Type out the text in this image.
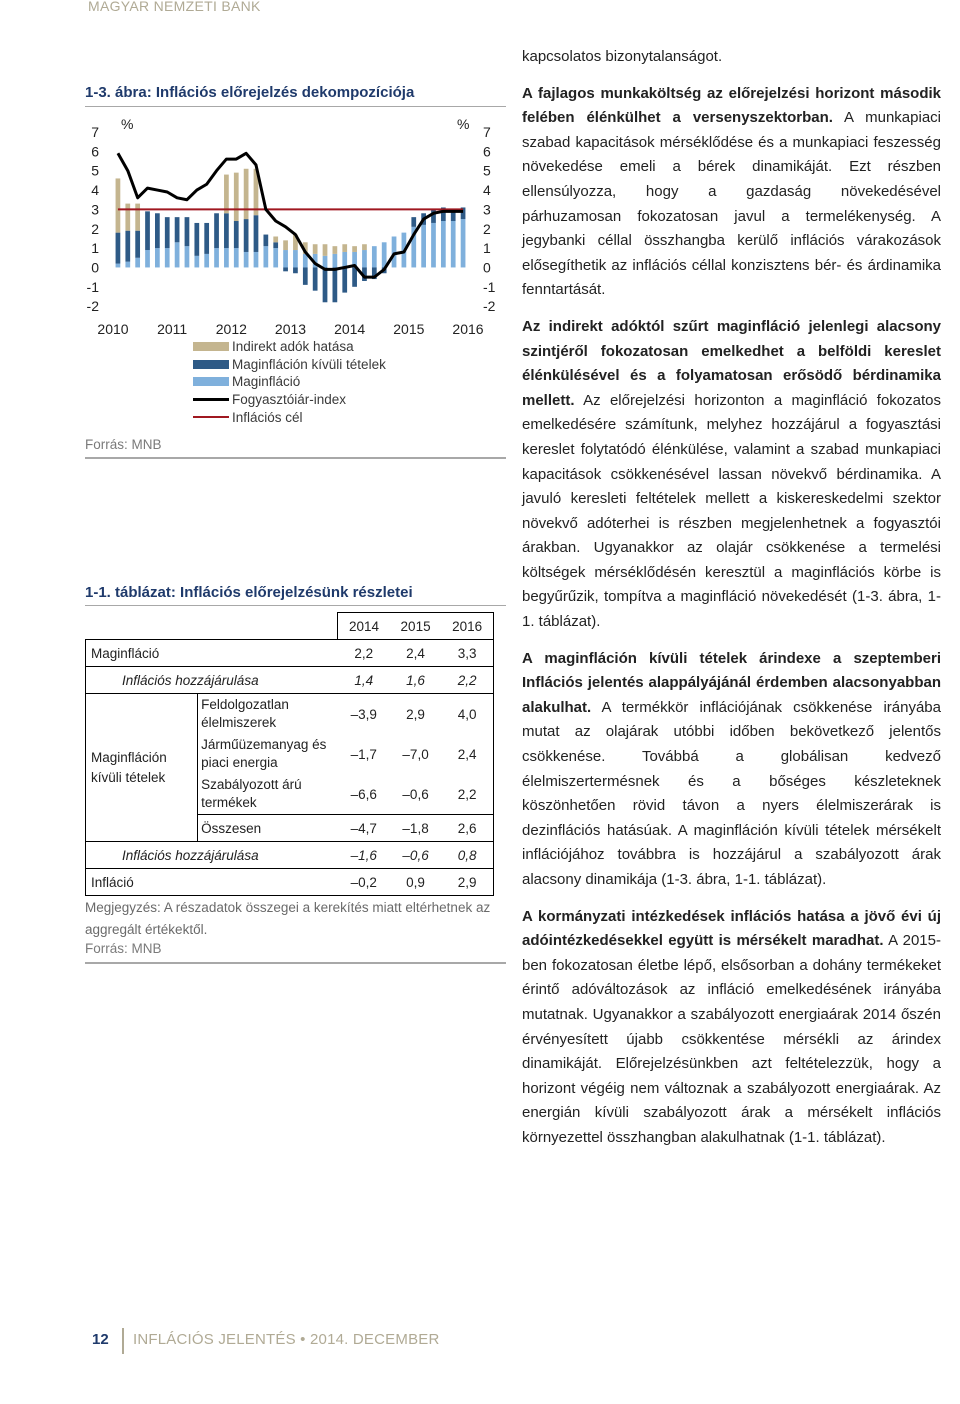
MAGYAR NEMZETI BANK
1-3. ábra: Inflációs előrejelzés dekompozíciója
7	7
6	6
5	5
4	4
3	3
2	2
1	1
0	0
-1	-1
-2	-2
%	%
2010 2011 2012 2013 2014 2015 2016
Indirekt adók hatása
Maginfláción kívüli tételek
Maginfláció
Fogyasztóiár-index
Inflációs cél
Forrás: MNB
1-1. táblázat: Inflációs előrejelzésünk részletei
		2014	2015	2016
Maginfláció		2,2	2,4	3,3
Inflációs hozzájárulása		1,4	1,6	2,2
Maginfláción kívüli tételek	Feldolgozatlan élelmiszerek	–3,9	2,9	4,0
	Járműüzemanyag és piaci energia	–1,7	–7,0	2,4
	Szabályozott árú termékek	–6,6	–0,6	2,2
	Összesen	–4,7	–1,8	2,6
Inflációs hozzájárulása		–1,6	–0,6	0,8
Infláció		–0,2	0,9	2,9
Megjegyzés: A részadatok összegei a kerekítés miatt eltérhetnek az aggregált értékektől.
Forrás: MNB

kapcsolatos bizonytalanságot.

A fajlagos munkaköltség az előrejelzési horizont második felében élénkülhet a versenyszektorban. A munkapiaci szabad kapacitások mérséklődése és a munkapiaci feszesség növekedése emeli a bérek dinamikáját. Ezt részben ellensúlyozza, hogy a gazdaság növekedésével párhuzamosan fokozatosan javul a termelékenység. A jegybanki céllal összhangba kerülő inflációs várakozások elősegíthetik az inflációs céllal konzisztens bér- és árdinamika fenntartását.

Az indirekt adóktól szűrt maginfláció jelenlegi alacsony szintjéről fokozatosan emelkedhet a belföldi kereslet élénkülésével és a folyamatosan erősödő bérdinamika mellett. Az előrejelzési horizonton a maginfláció fokozatos emelkedésére számítunk, melyhez hozzájárul a fogyasztási kereslet folytatódó élénkülése, valamint a szabad munkapiaci kapacitások csökkenésével lassan növekvő bérdinamika. A javuló keresleti feltételek mellett a kiskereskedelmi szektor növekvő adóterhei is részben megjelenhetnek a fogyasztói árakban. Ugyanakkor az olajár csökkenése a termelési költségek mérséklődésén keresztül a maginflációs körbe is begyűrűzik, tompítva a maginfláció növekedését (1-3. ábra, 1-1. táblázat).

A maginfláción kívüli tételek árindexe a szeptemberi Inflációs jelentés alappályájánál érdemben alacsonyabban alakulhat. A termékkör inflációjának csökkenése irányába mutat az olajárak utóbbi időben bekövetkező jelentős csökkenése. Továbbá a globálisan kedvező élelmiszertermésnek és a bőséges készleteknek köszönhetően rövid távon a nyers élelmiszerárak is dezinflációs hatásúak. A maginfláción kívüli tételek mérsékelt inflációjához továbbra is hozzájárul a szabályozott árak alacsony dinamikája (1-3. ábra, 1-1. táblázat).

A kormányzati intézkedések inflációs hatása a jövő évi új adóintézkedésekkel együtt is mérsékelt maradhat. A 2015-ben fokozatosan életbe lépő, elsősorban a dohány termékeket érintő adóváltozások az infláció emelkedésének irányába mutatnak. Ugyanakkor a szabályozott energiaárak 2014 őszén érvényesített újabb csökkentése mérsékli az árindex dinamikáját. Előrejelzésünkben azt feltételezzük, hogy a horizont végéig nem változnak a szabályozott energiaárak. Az energián kívüli szabályozott árak a mérsékelt inflációs környezettel összhangban alakulhatnak (1-1. táblázat).

12 INFLÁCIÓS JELENTÉS • 2014. DECEMBER
